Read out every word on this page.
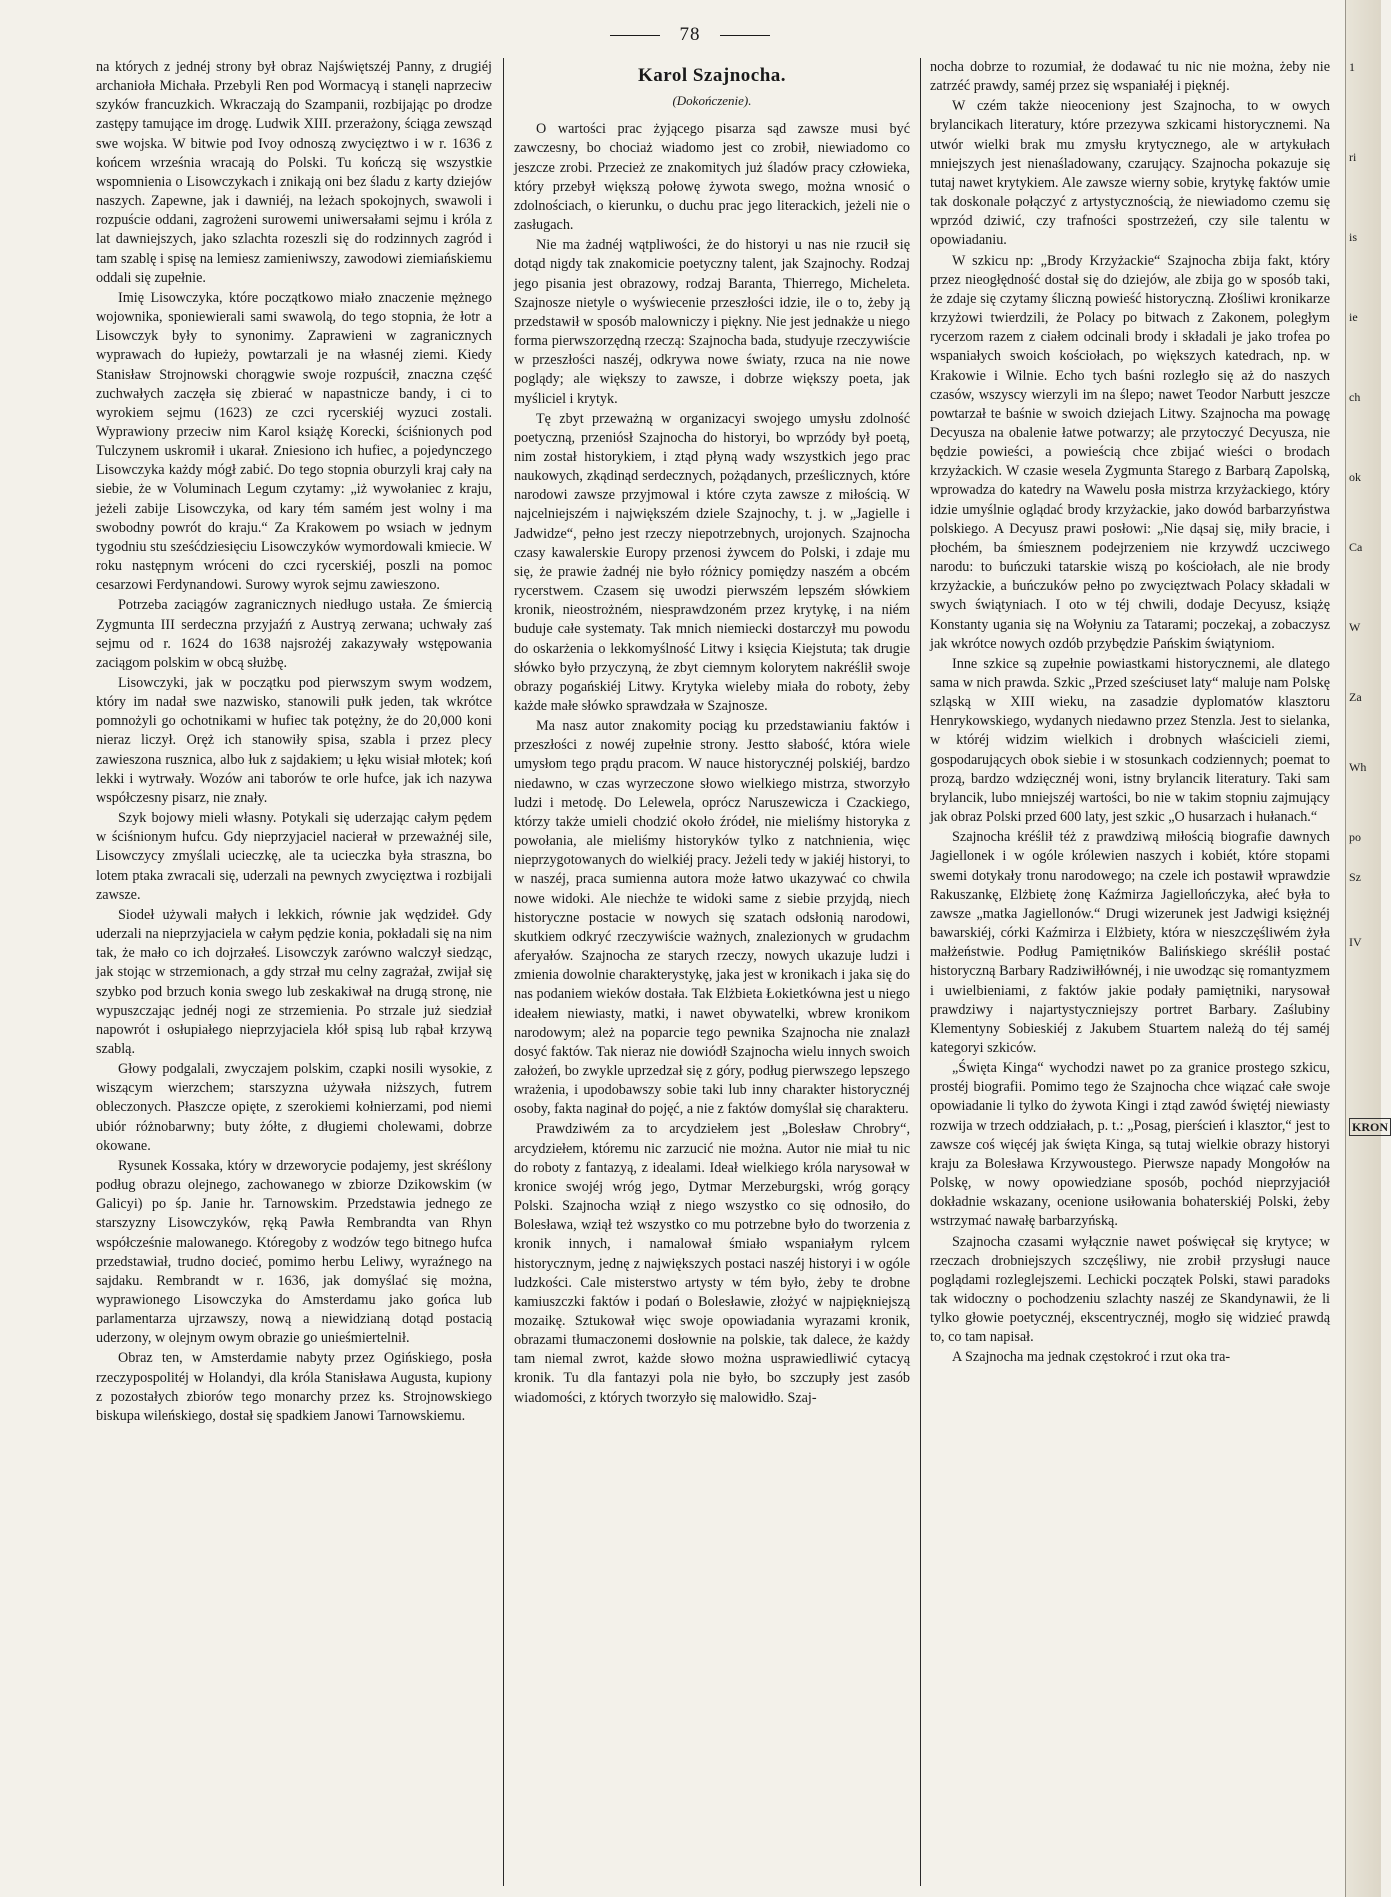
78

na których z jednéj strony był obraz Najświętszéj Panny, z drugiéj archanioła Michała. Przebyli Ren pod Wormacyą i stanęli naprzeciw szyków francuzkich. Wkraczają do Szampanii, rozbijając po drodze zastępy tamujące im drogę. Ludwik XIII. przerażony, ściąga zewsząd swe wojska. W bitwie pod Ivoy odnoszą zwycięztwo i w r. 1636 z końcem września wracają do Polski. Tu kończą się wszystkie wspomnienia o Lisowczykach i znikają oni bez śladu z karty dziejów naszych. Zapewne, jak i dawniéj, na leżach spokojnych, swawoli i rozpuście oddani, zagrożeni surowemi uniwersałami sejmu i króla z lat dawniejszych, jako szlachta rozeszli się do rodzinnych zagród i tam szablę i spisę na lemiesz zamieniwszy, zawodowi ziemiańskiemu oddali się zupełnie.

Imię Lisowczyka, które początkowo miało znaczenie mężnego wojownika, sponiewierali sami swawolą, do tego stopnia, że łotr a Lisowczyk były to synonimy. Zaprawieni w zagranicznych wyprawach do łupieży, powtarzali je na własnéj ziemi. Kiedy Stanisław Strojnowski chorągwie swoje rozpuścił, znaczna część zuchwałych zaczęła się zbierać w napastnicze bandy, i ci to wyrokiem sejmu (1623) ze czci rycerskiéj wyzuci zostali. Wyprawiony przeciw nim Karol książę Korecki, ściśnionych pod Tulczynem uskromił i ukarał. Zniesiono ich hufiec, a pojedynczego Lisowczyka każdy mógł zabić. Do tego stopnia oburzyli kraj cały na siebie, że w Voluminach Legum czytamy: „iż wywołaniec z kraju, jeżeli zabije Lisowczyka, od kary tém samém jest wolny i ma swobodny powrót do kraju.“ Za Krakowem po wsiach w jednym tygodniu stu sześćdziesięciu Lisowczyków wymordowali kmiecie. W roku następnym wróceni do czci rycerskiéj, poszli na pomoc cesarzowi Ferdynandowi. Surowy wyrok sejmu zawieszono.

Potrzeba zaciągów zagranicznych niedługo ustała. Ze śmiercią Zygmunta III serdeczna przyjaźń z Austryą zerwana; uchwały zaś sejmu od r. 1624 do 1638 najsrożéj zakazywały wstępowania zaciągom polskim w obcą służbę.

Lisowczyki, jak w początku pod pierwszym swym wodzem, który im nadał swe nazwisko, stanowili pułk jeden, tak wkrótce pomnożyli go ochotnikami w hufiec tak potężny, że do 20,000 koni nieraz liczył. Oręż ich stanowiły spisa, szabla i przez plecy zawieszona rusznica, albo łuk z sajdakiem; u łęku wisiał młotek; koń lekki i wytrwały. Wozów ani taborów te orle hufce, jak ich nazywa współczesny pisarz, nie znały.

Szyk bojowy mieli własny. Potykali się uderzając całym pędem w ściśnionym hufcu. Gdy nieprzyjaciel nacierał w przeważnéj sile, Lisowczycy zmyślali ucieczkę, ale ta ucieczka była straszna, bo lotem ptaka zwracali się, uderzali na pewnych zwycięztwa i rozbijali zawsze.

Siodeł używali małych i lekkich, równie jak wędzideł. Gdy uderzali na nieprzyjaciela w całym pędzie konia, pokładali się na nim tak, że mało co ich dojrzałeś. Lisowczyk zarówno walczył siedząc, jak stojąc w strzemionach, a gdy strzał mu celny zagrażał, zwijał się szybko pod brzuch konia swego lub zeskakiwał na drugą stronę, nie wypuszczając jednéj nogi ze strzemienia. Po strzale już siedział napowrót i osłupiałego nieprzyjaciela kłół spisą lub rąbał krzywą szablą.

Głowy podgalali, zwyczajem polskim, czapki nosili wysokie, z wiszącym wierzchem; starszyzna używała niższych, futrem obleczonych. Płaszcze opięte, z szerokiemi kołnierzami, pod niemi ubiór różnobarwny; buty żółte, z długiemi cholewami, dobrze okowane.

Rysunek Kossaka, który w drzeworycie podajemy, jest skréślony podług obrazu olejnego, zachowanego w zbiorze Dzikowskim (w Galicyi) po śp. Janie hr. Tarnowskim. Przedstawia jednego ze starszyzny Lisowczyków, ręką Pawła Rembrandta van Rhyn współcześnie malowanego. Któregoby z wodzów tego bitnego hufca przedstawiał, trudno docieć, pomimo herbu Leliwy, wyraźnego na sajdaku. Rembrandt w r. 1636, jak domyślać się można, wyprawionego Lisowczyka do Amsterdamu jako gońca lub parlamentarza ujrzawszy, nową a niewidzianą dotąd postacią uderzony, w olejnym owym obrazie go unieśmiertelnił.

Obraz ten, w Amsterdamie nabyty przez Ogińskiego, posła rzeczypospolitéj w Holandyi, dla króla Stanisława Augusta, kupiony z pozostałych zbiorów tego monarchy przez ks. Strojnowskiego biskupa wileńskiego, dostał się spadkiem Janowi Tarnowskiemu.

Karol Szajnocha.
(Dokończenie).

O wartości prac żyjącego pisarza sąd zawsze musi być zawczesny, bo chociaż wiadomo jest co zrobił, niewiadomo co jeszcze zrobi. Przecież ze znakomitych już śladów pracy człowieka, który przebył większą połowę żywota swego, można wnosić o zdolnościach, o kierunku, o duchu prac jego literackich, jeżeli nie o zasługach.

Nie ma żadnéj wątpliwości, że do historyi u nas nie rzucił się dotąd nigdy tak znakomicie poetyczny talent, jak Szajnochy. Rodzaj jego pisania jest obrazowy, rodzaj Baranta, Thierrego, Micheleta. Szajnosze nietyle o wyświecenie przeszłości idzie, ile o to, żeby ją przedstawił w sposób malowniczy i piękny. Nie jest jednakże u niego forma pierwszorzędną rzeczą: Szajnocha bada, studyuje rzeczywiście w przeszłości naszéj, odkrywa nowe światy, rzuca na nie nowe poglądy; ale większy to zawsze, i dobrze większy poeta, jak myśliciel i krytyk.

Tę zbyt przeważną w organizacyi swojego umysłu zdolność poetyczną, przeniósł Szajnocha do historyi, bo wprzódy był poetą, nim został historykiem, i ztąd płyną wady wszystkich jego prac naukowych, zkądinąd serdecznych, pożądanych, prześlicznych, które narodowi zawsze przyjmowal i które czyta zawsze z miłością. W najcelniejszém i największém dziele Szajnochy, t. j. w „Jagielle i Jadwidze“, pełno jest rzeczy niepotrzebnych, urojonych. Szajnocha czasy kawalerskie Europy przenosi żywcem do Polski, i zdaje mu się, że prawie żadnéj nie było różnicy pomiędzy naszém a obcém rycerstwem. Czasem się uwodzi pierwszém lepszém słówkiem kronik, nieostrożném, niesprawdzoném przez krytykę, i na niém buduje całe systematy. Tak mnich niemiecki dostarczył mu powodu do oskarżenia o lekkomyślność Litwy i księcia Kiejstuta; tak drugie słówko było przyczyną, że zbyt ciemnym kolorytem nakréślił swoje obrazy pogańskiéj Litwy. Krytyka wieleby miała do roboty, żeby każde małe słówko sprawdzała w Szajnosze.

Ma nasz autor znakomity pociąg ku przedstawianiu faktów i przeszłości z nowéj zupełnie strony. Jestto słabość, która wiele umysłom tego prądu pracom. W nauce historycznéj polskiéj, bardzo niedawno, w czas wyrzeczone słowo wielkiego mistrza, stworzyło ludzi i metodę. Do Lelewela, oprócz Naruszewicza i Czackiego, którzy także umieli chodzić około źródeł, nie mieliśmy historyka z powołania, ale mieliśmy historyków tylko z natchnienia, więc nieprzygotowanych do wielkiéj pracy. Jeżeli tedy w jakiéj historyi, to w naszéj, praca sumienna autora może łatwo ukazywać co chwila nowe widoki. Ale niechże te widoki same z siebie przyjdą, niech historyczne postacie w nowych się szatach odsłonią narodowi, skutkiem odkryć rzeczywiście ważnych, znalezionych w grudachm aferyałów. Szajnocha ze starych rzeczy, nowych ukazuje ludzi i zmienia dowolnie charakterystykę, jaka jest w kronikach i jaka się do nas podaniem wieków dostała. Tak Elżbieta Łokietkówna jest u niego ideałem niewiasty, matki, i nawet obywatelki, wbrew kronikom narodowym; ależ na poparcie tego pewnika Szajnocha nie znalazł dosyć faktów. Tak nieraz nie dowiódł Szajnocha wielu innych swoich założeń, bo zwykle uprzedzał się z góry, podług pierwszego lepszego wrażenia, i upodobawszy sobie taki lub inny charakter historycznéj osoby, fakta naginał do pojęć, a nie z faktów domyślał się charakteru.

Prawdziwém za to arcydziełem jest „Bolesław Chrobry“, arcydziełem, któremu nic zarzucić nie można. Autor nie miał tu nic do roboty z fantazyą, z idealami. Ideał wielkiego króla narysował w kronice swojéj wróg jego, Dytmar Merzeburgski, wróg gorący Polski. Szajnocha wziął z niego wszystko co się odnosiło, do Bolesława, wziął też wszystko co mu potrzebne było do tworzenia z kronik innych, i namalował śmiało wspaniałym rylcem historycznym, jednę z największych postaci naszéj historyi i w ogóle ludzkości. Cale misterstwo artysty w tém było, żeby te drobne kamiuszczki faktów i podań o Bolesławie, złożyć w najpiękniejszą mozaikę. Sztukował więc swoje opowiadania wyrazami kronik, obrazami tłumaczonemi dosłownie na polskie, tak dalece, że każdy tam niemal zwrot, każde słowo można usprawiedliwić cytacyą kronik. Tu dla fantazyi pola nie było, bo szczupły jest zasób wiadomości, z których tworzyło się malowidło. Szaj-

nocha dobrze to rozumiał, że dodawać tu nic nie można, żeby nie zatrzéć prawdy, saméj przez się wspaniałéj i pięknéj.

W czém także nieoceniony jest Szajnocha, to w owych brylancikach literatury, które przezywa szkicami historycznemi. Na utwór wielki brak mu zmysłu krytycznego, ale w artykułach mniejszych jest nienaśladowany, czarujący. Szajnocha pokazuje się tutaj nawet krytykiem. Ale zawsze wierny sobie, krytykę faktów umie tak doskonale połączyć z artystycznością, że niewiadomo czemu się wprzód dziwić, czy trafności spostrzeżeń, czy sile talentu w opowiadaniu.

W szkicu np: „Brody Krzyżackie“ Szajnocha zbija fakt, który przez nieogłędność dostał się do dziejów, ale zbija go w sposób taki, że zdaje się czytamy śliczną powieść historyczną. Złośliwi kronikarze krzyżowi twierdzili, że Polacy po bitwach z Zakonem, poległym rycerzom razem z ciałem odcinali brody i składali je jako trofea po wspaniałych swoich kościołach, po większych katedrach, np. w Krakowie i Wilnie. Echo tych baśni rozległo się aż do naszych czasów, wszyscy wierzyli im na ślepo; nawet Teodor Narbutt jeszcze powtarzał te baśnie w swoich dziejach Litwy. Szajnocha ma powagę Decyusza na obalenie łatwe potwarzy; ale przytoczyć Decyusza, nie będzie powieści, a powieścią chce zbijać wieści o brodach krzyżackich. W czasie wesela Zygmunta Starego z Barbarą Zapolską, wprowadza do katedry na Wawelu posła mistrza krzyżackiego, który idzie umyślnie oglądać brody krzyżackie, jako dowód barbarzyństwa polskiego. A Decyusz prawi posłowi: „Nie dąsaj się, miły bracie, i płochém, ba śmiesznem podejrzeniem nie krzywdź uczciwego narodu: to buńczuki tatarskie wiszą po kościołach, ale nie brody krzyżackie, a buńczuków pełno po zwycięztwach Polacy składali w swych świątyniach. I oto w téj chwili, dodaje Decyusz, książę Konstanty ugania się na Wołyniu za Tatarami; poczekaj, a zobaczysz jak wkrótce nowych ozdób przybędzie Pańskim świątyniom.

Inne szkice są zupełnie powiastkami historycznemi, ale dlatego sama w nich prawda. Szkic „Przed sześciuset laty“ maluje nam Polskę szląską w XIII wieku, na zasadzie dyplomatów klasztoru Henrykowskiego, wydanych niedawno przez Stenzla. Jest to sielanka, w któréj widzim wielkich i drobnych właścicieli ziemi, gospodarujących obok siebie i w stosunkach codziennych; poemat to prozą, bardzo wdzięcznéj woni, istny brylancik literatury. Taki sam brylancik, lubo mniejszéj wartości, bo nie w takim stopniu zajmujący jak obraz Polski przed 600 laty, jest szkic „O husarzach i hułanach.“

Szajnocha kréślił téż z prawdziwą miłością biografie dawnych Jagiellonek i w ogóle królewien naszych i kobiét, które stopami swemi dotykały tronu narodowego; na czele ich postawił wprawdzie Rakuszankę, Elżbietę żonę Kaźmirza Jagiellończyka, ałeć była to zawsze „matka Jagiellonów.“ Drugi wizerunek jest Jadwigi księżnéj bawarskiéj, córki Kaźmirza i Elżbiety, która w nieszczęśliwém żyła małżeństwie. Podług Pamiętników Balińskiego skréślił postać historyczną Barbary Radziwiłłównéj, i nie uwodząc się romantyzmem i uwielbieniami, z faktów jakie podały pamiętniki, narysował prawdziwy i najartystyczniejszy portret Barbary. Zaślubiny Klementyny Sobieskiéj z Jakubem Stuartem należą do téj saméj kategoryi szkiców.

„Święta Kinga“ wychodzi nawet po za granice prostego szkicu, prostéj biografii. Pomimo tego że Szajnocha chce wiązać całe swoje opowiadanie li tylko do żywota Kingi i ztąd zawód świętéj niewiasty rozwija w trzech oddziałach, p. t.: „Posag, pierścień i klasztor,“ jest to zawsze coś więcéj jak święta Kinga, są tutaj wielkie obrazy historyi kraju za Bolesława Krzywoustego. Pierwsze napady Mongołów na Polskę, w nowy opowiedziane sposób, pochód nieprzyjaciół dokładnie wskazany, ocenione usiłowania bohaterskiéj Polski, żeby wstrzymać nawałę barbarzyńską.

Szajnocha czasami wyłącznie nawet poświęcał się krytyce; w rzeczach drobniejszych szczęśliwy, nie zrobił przysługi nauce poglądami rozleglejszemi. Lechicki początek Polski, stawi paradoks tak widoczny o pochodzeniu szlachty naszéj ze Skandynawii, że li tylko głowie poetycznéj, ekscentrycznéj, mogło się widzieć prawdą to, co tam napisał.

A Szajnocha ma jednak częstokroć i rzut oka tra-

1
ri
is
ie
ch
ok
Ca
W
Za
Wh
po
Sz
IV
KRON
